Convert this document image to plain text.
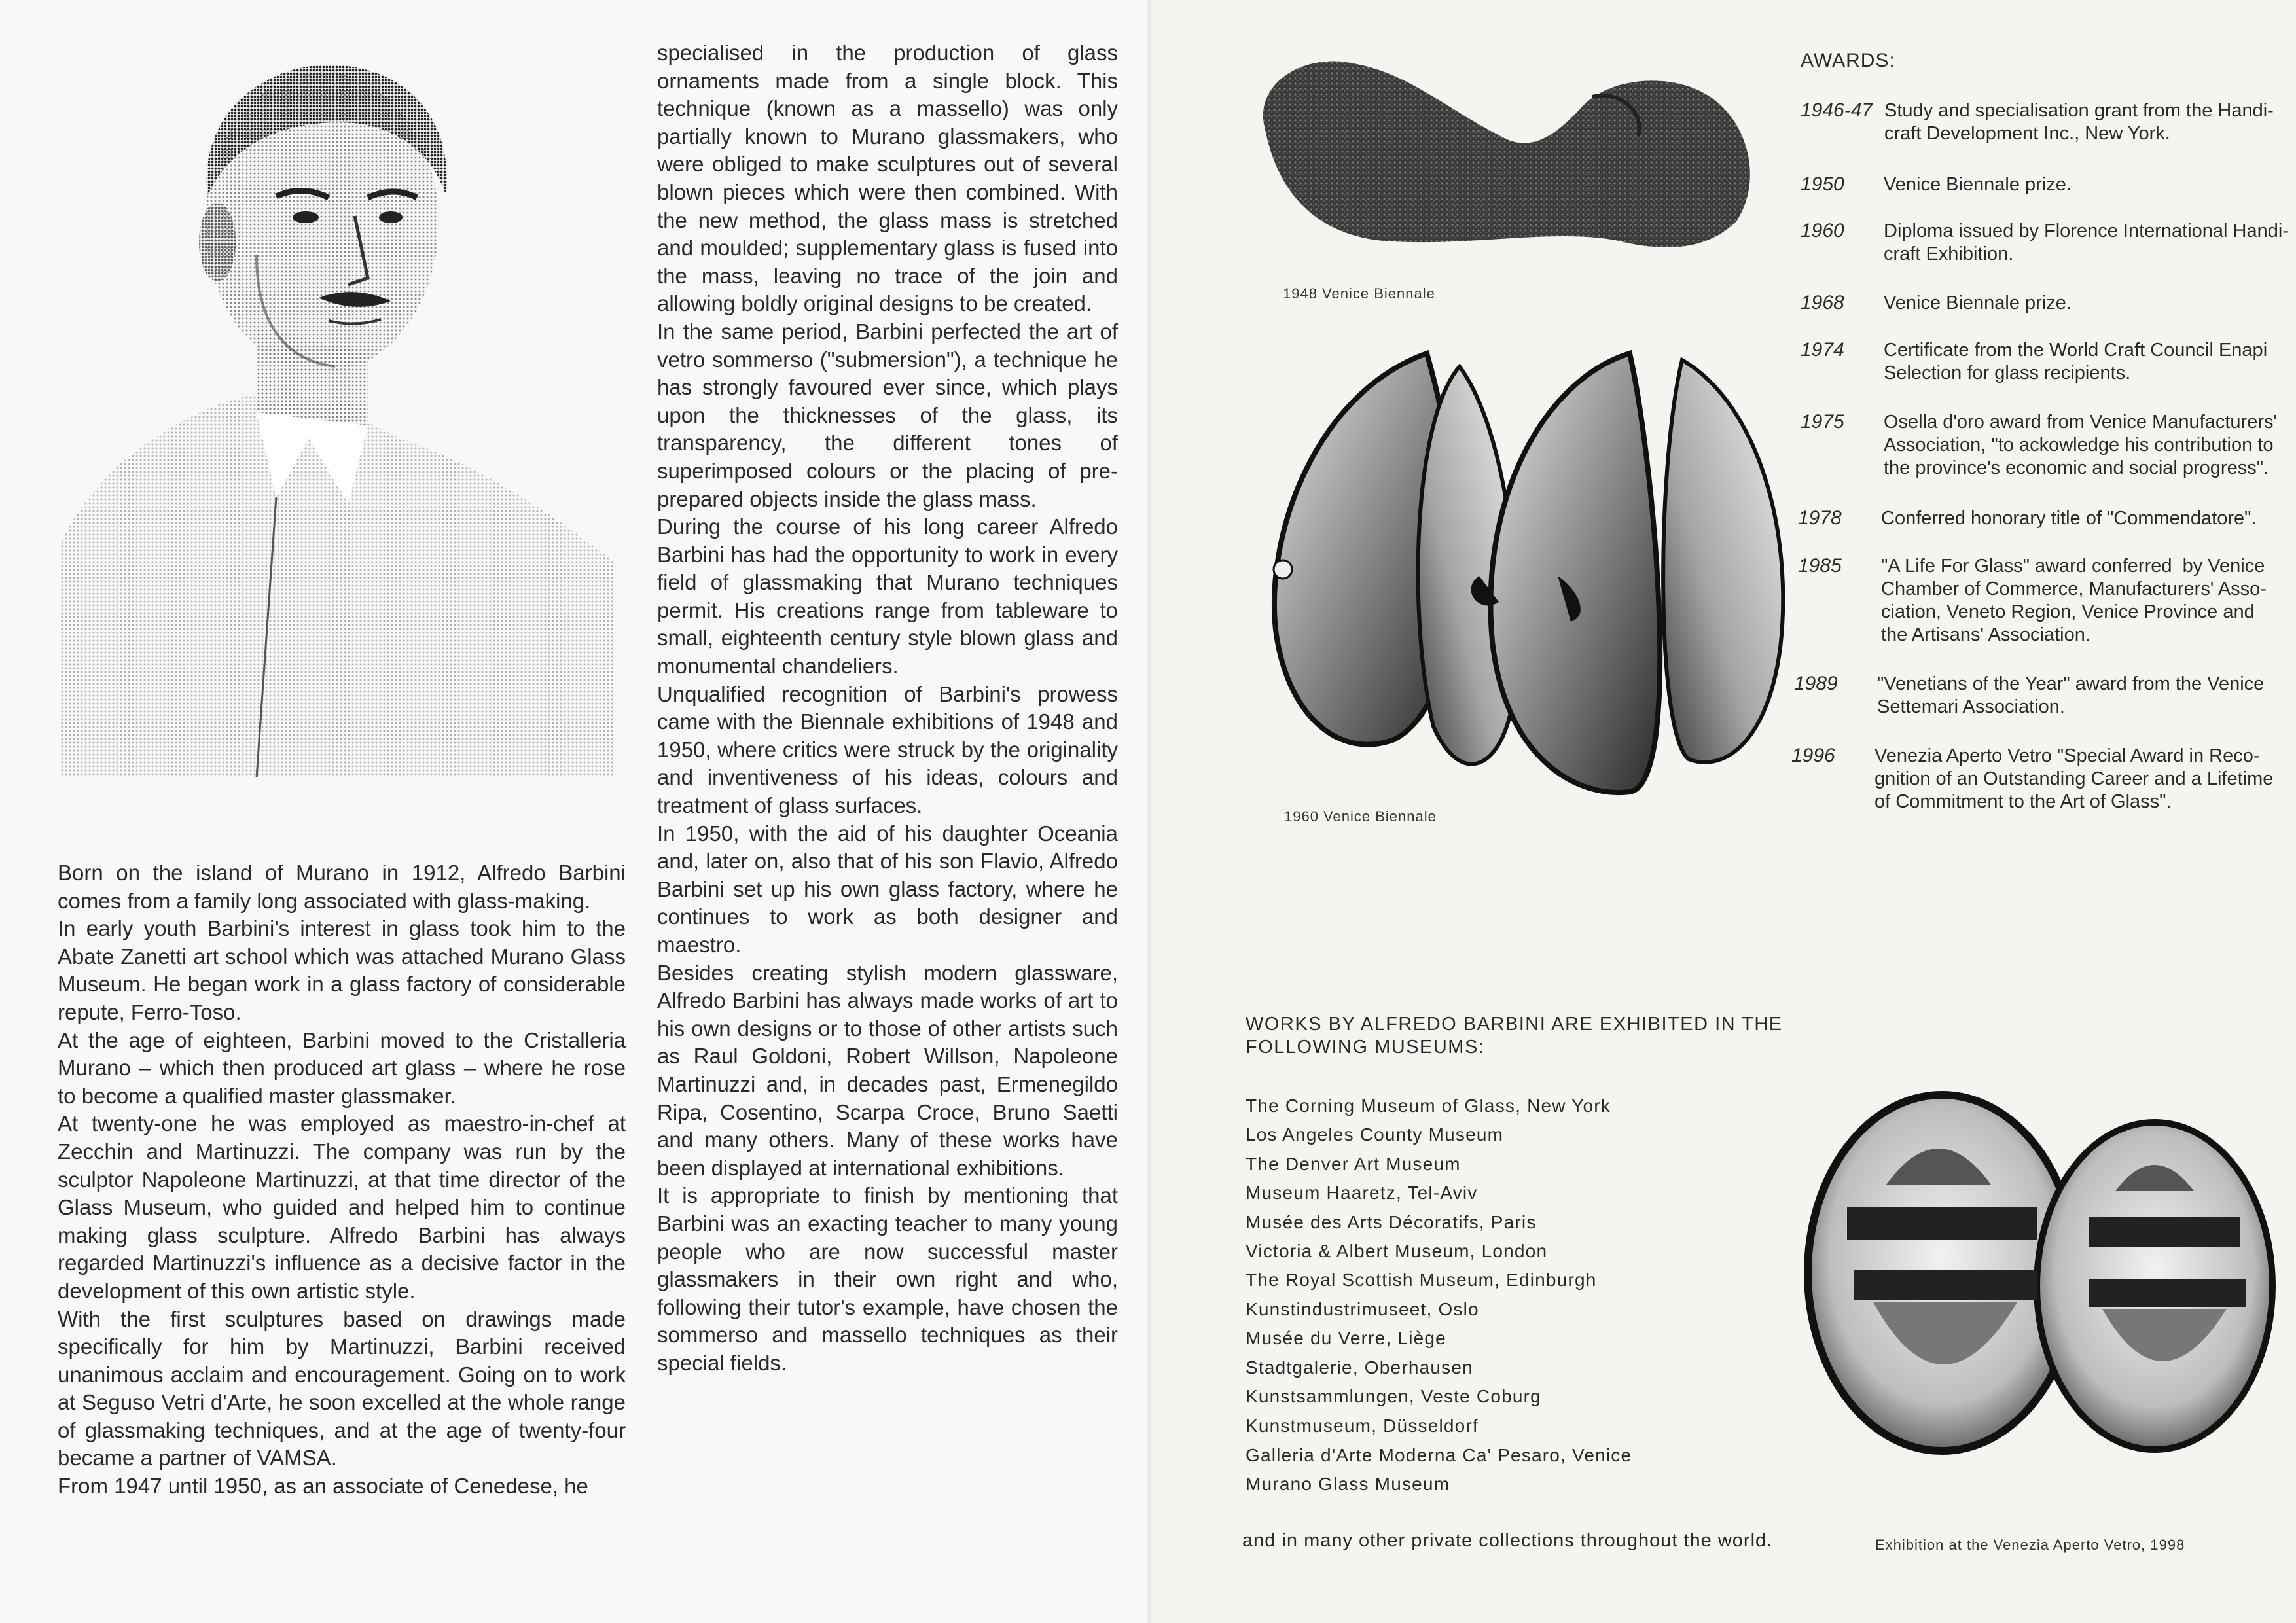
Born on the island of Murano in 1912, Alfredo Barbini comes from a family long associated with glass-making.

In early youth Barbini's interest in glass took him to the Abate Zanetti art school which was attached Murano Glass Museum. He began work in a glass factory of considerable repute, Ferro-Toso.

At the age of eighteen, Barbini moved to the Cristalleria Murano – which then produced art glass – where he rose to become a qualified master glassmaker.

At twenty-one he was employed as maestro-in-chef at Zecchin and Martinuzzi. The company was run by the sculptor Napoleone Martinuzzi, at that time director of the Glass Museum, who guided and helped him to continue making glass sculpture. Alfredo Barbini has always regarded Martinuzzi's influence as a decisive factor in the development of this own artistic style.

With the first sculptures based on drawings made specifically for him by Martinuzzi, Barbini received unanimous acclaim and encouragement. Going on to work at Seguso Vetri d'Arte, he soon excelled at the whole range of glassmaking techniques, and at the age of twenty-four became a partner of VAMSA.

From 1947 until 1950, as an associate of Cenedese, he

specialised in the production of glass ornaments made from a single block. This technique (known as a massello) was only partially known to Murano glassmakers, who were obliged to make sculptures out of several blown pieces which were then combined. With the new method, the glass mass is stretched and moulded; supplementary glass is fused into the mass, leaving no trace of the join and allowing boldly original designs to be created.

In the same period, Barbini perfected the art of vetro sommerso ("submersion"), a technique he has strongly favoured ever since, which plays upon the thicknesses of the glass, its transparency, the different tones of superimposed colours or the placing of pre-prepared objects inside the glass mass.

During the course of his long career Alfredo Barbini has had the opportunity to work in every field of glassmaking that Murano techniques permit. His creations range from tableware to small, eighteenth century style blown glass and monumental chandeliers.

Unqualified recognition of Barbini's prowess came with the Biennale exhibitions of 1948 and 1950, where critics were struck by the originality and inventiveness of his ideas, colours and treatment of glass surfaces.

In 1950, with the aid of his daughter Oceania and, later on, also that of his son Flavio, Alfredo Barbini set up his own glass factory, where he continues to work as both designer and maestro.

Besides creating stylish modern glassware, Alfredo Barbini has always made works of art to his own designs or to those of other artists such as Raul Goldoni, Robert Willson, Napoleone Martinuzzi and, in decades past, Ermenegildo Ripa, Cosentino, Scarpa Croce, Bruno Saetti and many others. Many of these works have been displayed at international exhibitions.

It is appropriate to finish by mentioning that Barbini was an exacting teacher to many young people who are now successful master glassmakers in their own right and who, following their tutor's example, have chosen the sommerso and massello techniques as their special fields.

1948 Venice Biennale
1960 Venice Biennale
AWARDS:
1946-47 Study and specialisation grant from the Handi-
craft Development Inc., New York.
1950 Venice Biennale prize.
1960 Diploma issued by Florence International Handi-
craft Exhibition.
1968 Venice Biennale prize.
1974 Certificate from the World Craft Council Enapi
Selection for glass recipients.
1975 Osella d'oro award from Venice Manufacturers'
Association, "to ackowledge his contribution to
the province's economic and social progress".
1978 Conferred honorary title of "Commendatore".
1985 "A Life For Glass" award conferred  by Venice
Chamber of Commerce, Manufacturers' Asso-
ciation, Veneto Region, Venice Province and
the Artisans' Association.
1989 "Venetians of the Year" award from the Venice
Settemari Association.
1996 Venezia Aperto Vetro "Special Award in Reco-
gnition of an Outstanding Career and a Lifetime
of Commitment to the Art of Glass".
WORKS BY ALFREDO BARBINI ARE EXHIBITED IN THE FOLLOWING MUSEUMS:
The Corning Museum of Glass, New York
Los Angeles County Museum
The Denver Art Museum
Museum Haaretz, Tel-Aviv
Musée des Arts Décoratifs, Paris
Victoria & Albert Museum, London
The Royal Scottish Museum, Edinburgh
Kunstindustrimuseet, Oslo
Musée du Verre, Liège
Stadtgalerie, Oberhausen
Kunstsammlungen, Veste Coburg
Kunstmuseum, Düsseldorf
Galleria d'Arte Moderna Ca' Pesaro, Venice
Murano Glass Museum
and in many other private collections throughout the world.	Exhibition at the Venezia Aperto Vetro, 1998
